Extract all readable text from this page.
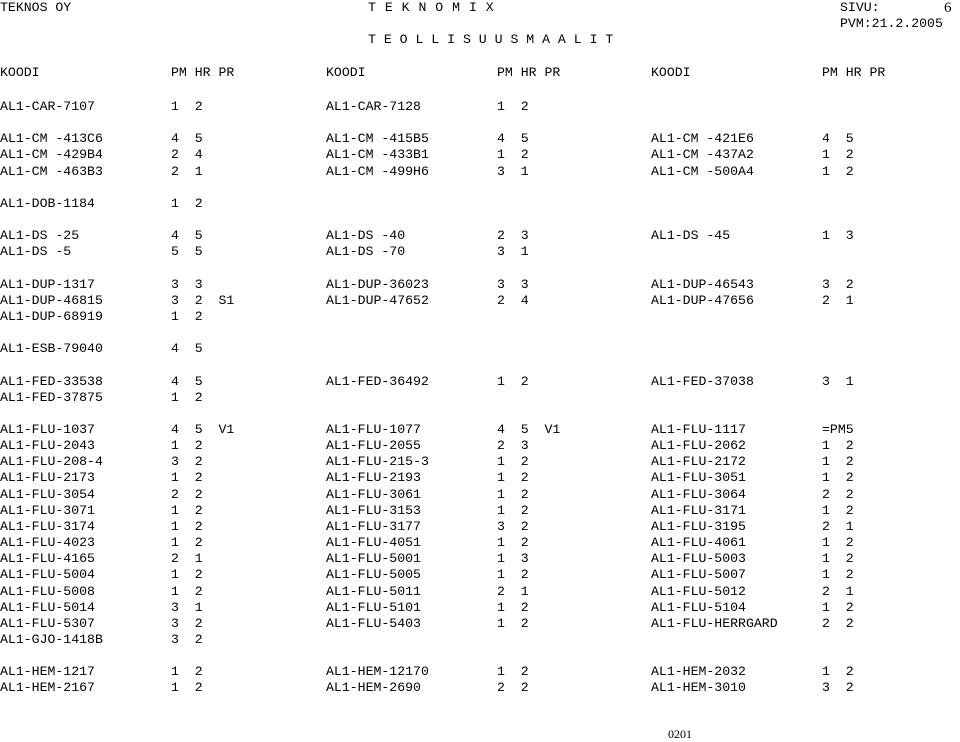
TEKNOS OY	T E K N O M I X
T E O L L I S U U S M A A L I T
SIVU:	6
PVM:21.2.2005
KOODI	PM HR PR	KOODI	PM HR PR	KOODI	PM HR PR
AL1-CAR-7107	1  2	AL1-CAR-7128	1  2
AL1-CM -413C6	4  5	AL1-CM -415B5	4  5	AL1-CM -421E6	4  5
AL1-CM -429B4	2  4	AL1-CM -433B1	1  2	AL1-CM -437A2	1  2
AL1-CM -463B3	2  1	AL1-CM -499H6	3  1	AL1-CM -500A4	1  2
AL1-DOB-1184	1  2
AL1-DS -25	4  5	AL1-DS -40	2  3	AL1-DS -45	1  3
AL1-DS -5	5  5	AL1-DS -70	3  1
AL1-DUP-1317	3  3	AL1-DUP-36023	3  3	AL1-DUP-46543	3  2
AL1-DUP-46815	3  2  S1	AL1-DUP-47652	2  4	AL1-DUP-47656	2  1
AL1-DUP-68919	1  2
AL1-ESB-79040	4  5
AL1-FED-33538	4  5	AL1-FED-36492	1  2	AL1-FED-37038	3  1
AL1-FED-37875	1  2
AL1-FLU-1037	4  5  V1	AL1-FLU-1077	4  5  V1	AL1-FLU-1117	=PM5
AL1-FLU-2043	1  2	AL1-FLU-2055	2  3	AL1-FLU-2062	1  2
AL1-FLU-208-4	3  2	AL1-FLU-215-3	1  2	AL1-FLU-2172	1  2
AL1-FLU-2173	1  2	AL1-FLU-2193	1  2	AL1-FLU-3051	1  2
AL1-FLU-3054	2  2	AL1-FLU-3061	1  2	AL1-FLU-3064	2  2
AL1-FLU-3071	1  2	AL1-FLU-3153	1  2	AL1-FLU-3171	1  2
AL1-FLU-3174	1  2	AL1-FLU-3177	3  2	AL1-FLU-3195	2  1
AL1-FLU-4023	1  2	AL1-FLU-4051	1  2	AL1-FLU-4061	1  2
AL1-FLU-4165	2  1	AL1-FLU-5001	1  3	AL1-FLU-5003	1  2
AL1-FLU-5004	1  2	AL1-FLU-5005	1  2	AL1-FLU-5007	1  2
AL1-FLU-5008	1  2	AL1-FLU-5011	2  1	AL1-FLU-5012	2  1
AL1-FLU-5014	3  1	AL1-FLU-5101	1  2	AL1-FLU-5104	1  2
AL1-FLU-5307	3  2	AL1-FLU-5403	1  2	AL1-FLU-HERRGARD	2  2
AL1-GJO-1418B	3  2
AL1-HEM-1217	1  2	AL1-HEM-12170	1  2	AL1-HEM-2032	1  2
AL1-HEM-2167	1  2	AL1-HEM-2690	2  2	AL1-HEM-3010	3  2
0201
